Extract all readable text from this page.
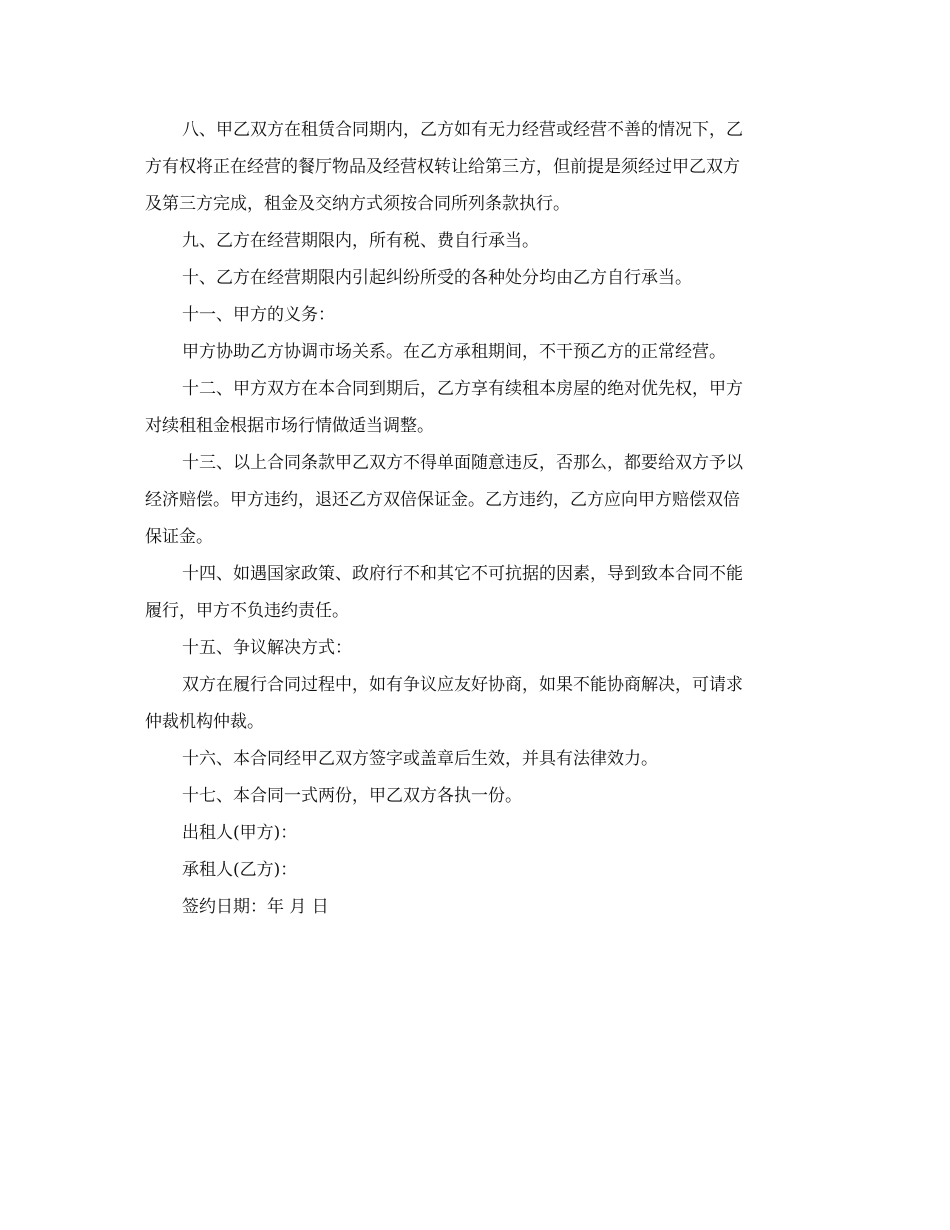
八、甲乙双方在租赁合同期内，乙方如有无力经营或经营不善的情况下，乙
方有权将正在经营的餐厅物品及经营权转让给第三方，但前提是须经过甲乙双方
及第三方完成，租金及交纳方式须按合同所列条款执行。
九、乙方在经营期限内，所有税、费自行承当。
十、乙方在经营期限内引起纠纷所受的各种处分均由乙方自行承当。
十一、甲方的义务：
甲方协助乙方协调市场关系。在乙方承租期间，不干预乙方的正常经营。
十二、甲方双方在本合同到期后，乙方享有续租本房屋的绝对优先权，甲方
对续租租金根据市场行情做适当调整。
十三、以上合同条款甲乙双方不得单面随意违反，否那么，都要给双方予以
经济赔偿。甲方违约，退还乙方双倍保证金。乙方违约，乙方应向甲方赔偿双倍
保证金。
十四、如遇国家政策、政府行不和其它不可抗据的因素，导到致本合同不能
履行，甲方不负违约责任。
十五、争议解决方式：
双方在履行合同过程中，如有争议应友好协商，如果不能协商解决，可请求
仲裁机构仲裁。
十六、本合同经甲乙双方签字或盖章后生效，并具有法律效力。
十七、本合同一式两份，甲乙双方各执一份。

出租人(甲方)：

承租人(乙方)：

签约日期：年 月 日
